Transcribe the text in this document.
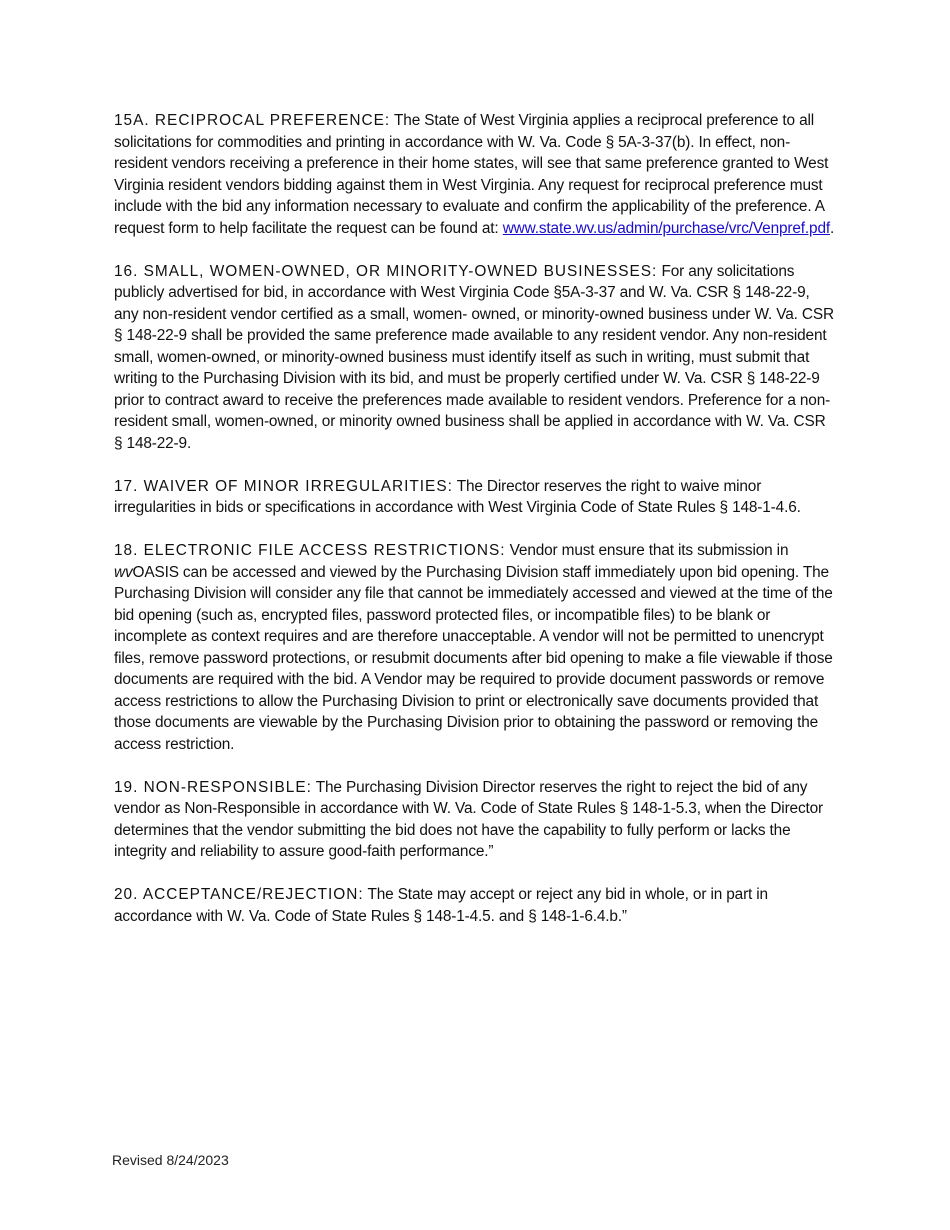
15A. RECIPROCAL PREFERENCE: The State of West Virginia applies a reciprocal preference to all solicitations for commodities and printing in accordance with W. Va. Code § 5A-3-37(b). In effect, non-resident vendors receiving a preference in their home states, will see that same preference granted to West Virginia resident vendors bidding against them in West Virginia. Any request for reciprocal preference must include with the bid any information necessary to evaluate and confirm the applicability of the preference. A request form to help facilitate the request can be found at: www.state.wv.us/admin/purchase/vrc/Venpref.pdf.

16. SMALL, WOMEN-OWNED, OR MINORITY-OWNED BUSINESSES: For any solicitations publicly advertised for bid, in accordance with West Virginia Code §5A-3-37 and W. Va. CSR § 148-22-9, any non-resident vendor certified as a small, women- owned, or minority-owned business under W. Va. CSR § 148-22-9 shall be provided the same preference made available to any resident vendor. Any non-resident small, women-owned, or minority-owned business must identify itself as such in writing, must submit that writing to the Purchasing Division with its bid, and must be properly certified under W. Va. CSR § 148-22-9 prior to contract award to receive the preferences made available to resident vendors. Preference for a non-resident small, women-owned, or minority owned business shall be applied in accordance with W. Va. CSR § 148-22-9.

17. WAIVER OF MINOR IRREGULARITIES: The Director reserves the right to waive minor irregularities in bids or specifications in accordance with West Virginia Code of State Rules § 148-1-4.6.

18. ELECTRONIC FILE ACCESS RESTRICTIONS: Vendor must ensure that its submission in wvOASIS can be accessed and viewed by the Purchasing Division staff immediately upon bid opening. The Purchasing Division will consider any file that cannot be immediately accessed and viewed at the time of the bid opening (such as, encrypted files, password protected files, or incompatible files) to be blank or incomplete as context requires and are therefore unacceptable. A vendor will not be permitted to unencrypt files, remove password protections, or resubmit documents after bid opening to make a file viewable if those documents are required with the bid. A Vendor may be required to provide document passwords or remove access restrictions to allow the Purchasing Division to print or electronically save documents provided that those documents are viewable by the Purchasing Division prior to obtaining the password or removing the access restriction.

19. NON-RESPONSIBLE: The Purchasing Division Director reserves the right to reject the bid of any vendor as Non-Responsible in accordance with W. Va. Code of State Rules § 148-1-5.3, when the Director determines that the vendor submitting the bid does not have the capability to fully perform or lacks the integrity and reliability to assure good-faith performance.”

20. ACCEPTANCE/REJECTION: The State may accept or reject any bid in whole, or in part in accordance with W. Va. Code of State Rules § 148-1-4.5. and § 148-1-6.4.b.”

Revised 8/24/2023
